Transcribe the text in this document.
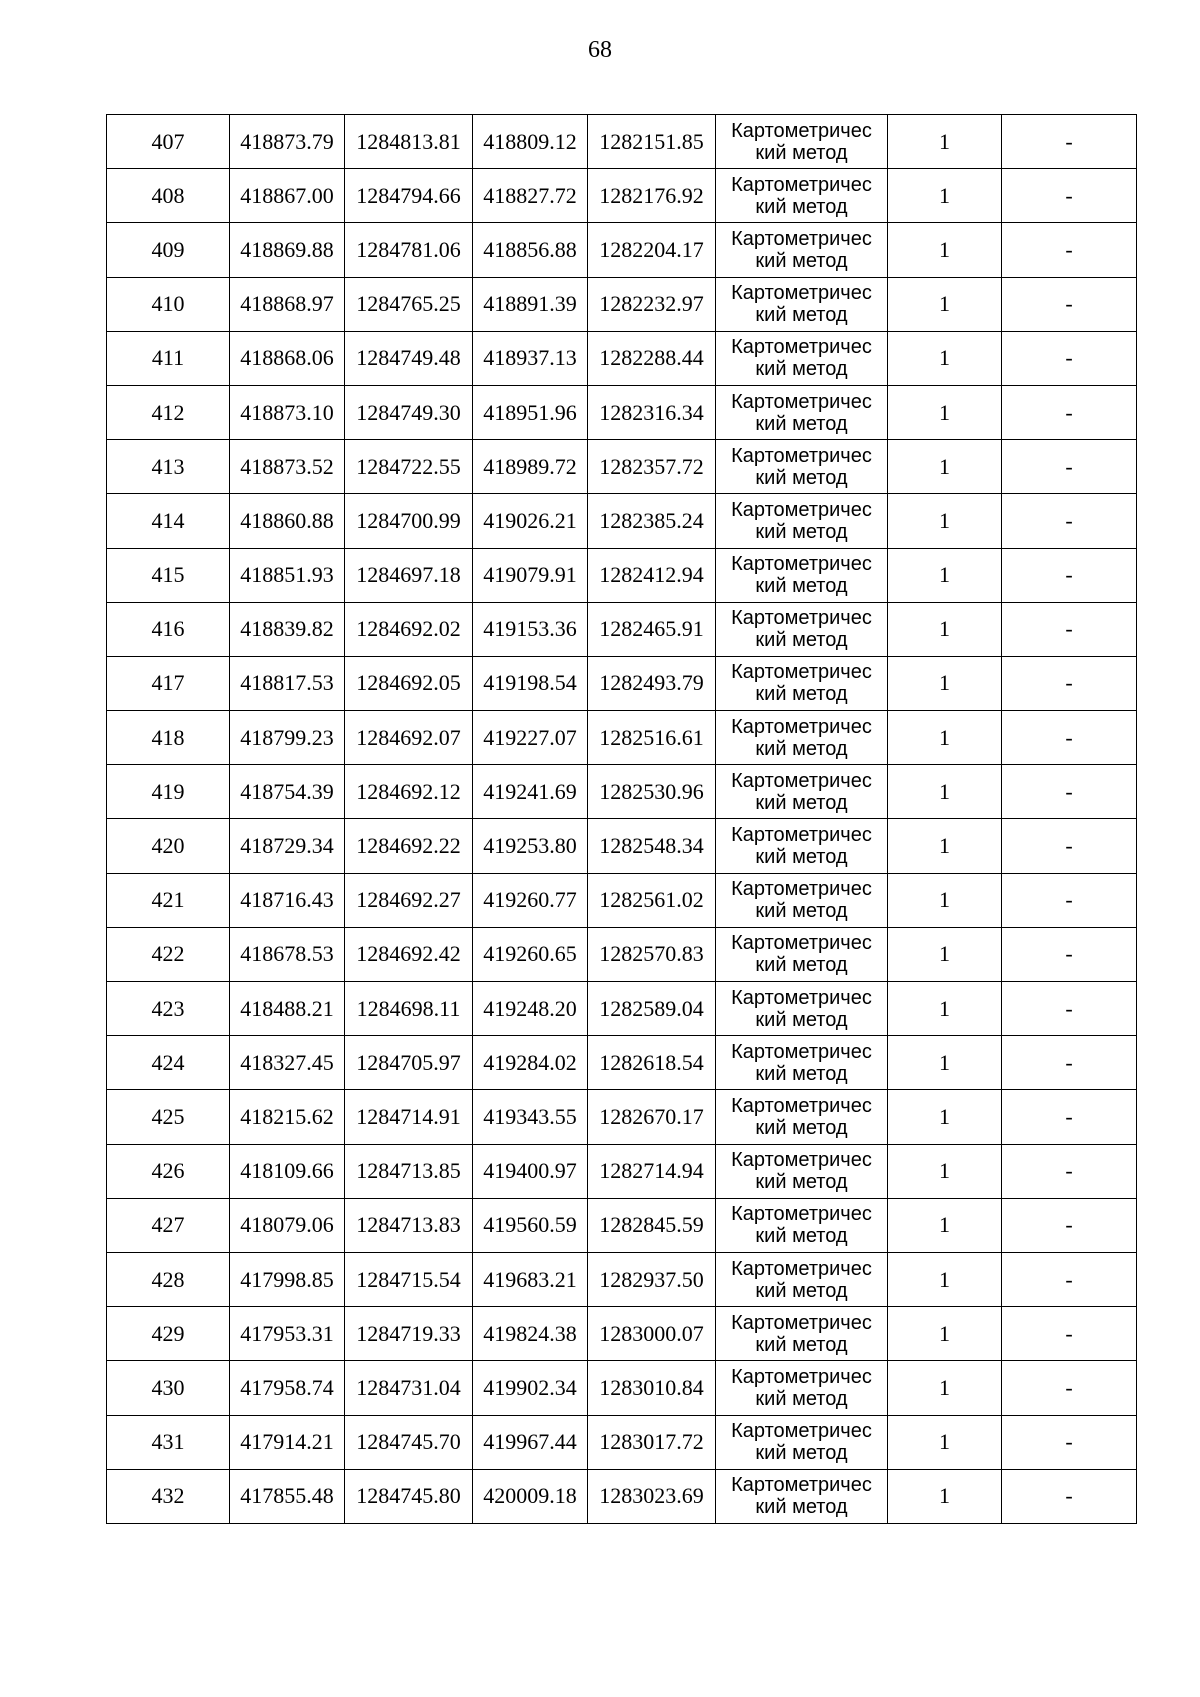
68
407	418873.79	1284813.81	418809.12	1282151.85	Картометричес кий метод	1	-
408	418867.00	1284794.66	418827.72	1282176.92	Картометричес кий метод	1	-
409	418869.88	1284781.06	418856.88	1282204.17	Картометричес кий метод	1	-
410	418868.97	1284765.25	418891.39	1282232.97	Картометричес кий метод	1	-
411	418868.06	1284749.48	418937.13	1282288.44	Картометричес кий метод	1	-
412	418873.10	1284749.30	418951.96	1282316.34	Картометричес кий метод	1	-
413	418873.52	1284722.55	418989.72	1282357.72	Картометричес кий метод	1	-
414	418860.88	1284700.99	419026.21	1282385.24	Картометричес кий метод	1	-
415	418851.93	1284697.18	419079.91	1282412.94	Картометричес кий метод	1	-
416	418839.82	1284692.02	419153.36	1282465.91	Картометричес кий метод	1	-
417	418817.53	1284692.05	419198.54	1282493.79	Картометричес кий метод	1	-
418	418799.23	1284692.07	419227.07	1282516.61	Картометричес кий метод	1	-
419	418754.39	1284692.12	419241.69	1282530.96	Картометричес кий метод	1	-
420	418729.34	1284692.22	419253.80	1282548.34	Картометричес кий метод	1	-
421	418716.43	1284692.27	419260.77	1282561.02	Картометричес кий метод	1	-
422	418678.53	1284692.42	419260.65	1282570.83	Картометричес кий метод	1	-
423	418488.21	1284698.11	419248.20	1282589.04	Картометричес кий метод	1	-
424	418327.45	1284705.97	419284.02	1282618.54	Картометричес кий метод	1	-
425	418215.62	1284714.91	419343.55	1282670.17	Картометричес кий метод	1	-
426	418109.66	1284713.85	419400.97	1282714.94	Картометричес кий метод	1	-
427	418079.06	1284713.83	419560.59	1282845.59	Картометричес кий метод	1	-
428	417998.85	1284715.54	419683.21	1282937.50	Картометричес кий метод	1	-
429	417953.31	1284719.33	419824.38	1283000.07	Картометричес кий метод	1	-
430	417958.74	1284731.04	419902.34	1283010.84	Картометричес кий метод	1	-
431	417914.21	1284745.70	419967.44	1283017.72	Картометричес кий метод	1	-
432	417855.48	1284745.80	420009.18	1283023.69	Картометричес кий метод	1	-
